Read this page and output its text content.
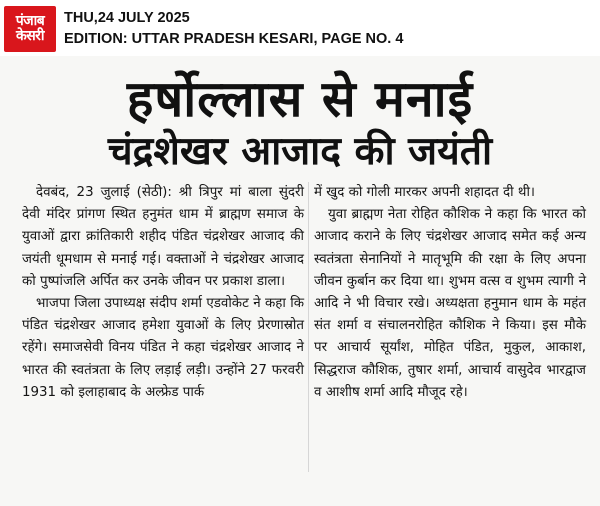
पंजाब
केसरी
THU,24 JULY 2025
EDITION: UTTAR PRADESH KESARI, PAGE NO. 4
हर्षोल्लास से मनाई
चंद्रशेखर आजाद की जयंती

देवबंद, 23 जुलाई (सेठी): श्री त्रिपुर मां बाला सुंदरी देवी मंदिर प्रांगण स्थित हनुमंत धाम में ब्राह्मण समाज के युवाओं द्वारा क्रांतिकारी शहीद पंडित चंद्रशेखर आजाद की जयंती धूमधाम से मनाई गई। वक्ताओं ने चंद्रशेखर आजाद को पुष्पांजलि अर्पित कर उनके जीवन पर प्रकाश डाला।

भाजपा जिला उपाध्यक्ष संदीप शर्मा एडवोकेट ने कहा कि पंडित चंद्रशेखर आजाद हमेशा युवाओं के लिए प्रेरणास्रोत रहेंगे। समाजसेवी विनय पंडित ने कहा चंद्रशेखर आजाद ने भारत की स्वतंत्रता के लिए लड़ाई लड़ी। उन्होंने 27 फरवरी 1931 को इलाहाबाद के अल्फ्रेड पार्क

में खुद को गोली मारकर अपनी शहादत दी थी।

युवा ब्राह्मण नेता रोहित कौशिक ने कहा कि भारत को आजाद कराने के लिए चंद्रशेखर आजाद समेत कई अन्य स्वतंत्रता सेनानियों ने मातृभूमि की रक्षा के लिए अपना जीवन कुर्बान कर दिया था। शुभम वत्स व शुभम त्यागी ने आदि ने भी विचार रखे। अध्यक्षता हनुमान धाम के महंत संत शर्मा व संचालनरोहित कौशिक ने किया। इस मौके पर आचार्य सूर्यांश, मोहित पंडित, मुकुल, आकाश, सिद्धराज कौशिक, तुषार शर्मा, आचार्य वासुदेव भारद्वाज व आशीष शर्मा आदि मौजूद रहे।
